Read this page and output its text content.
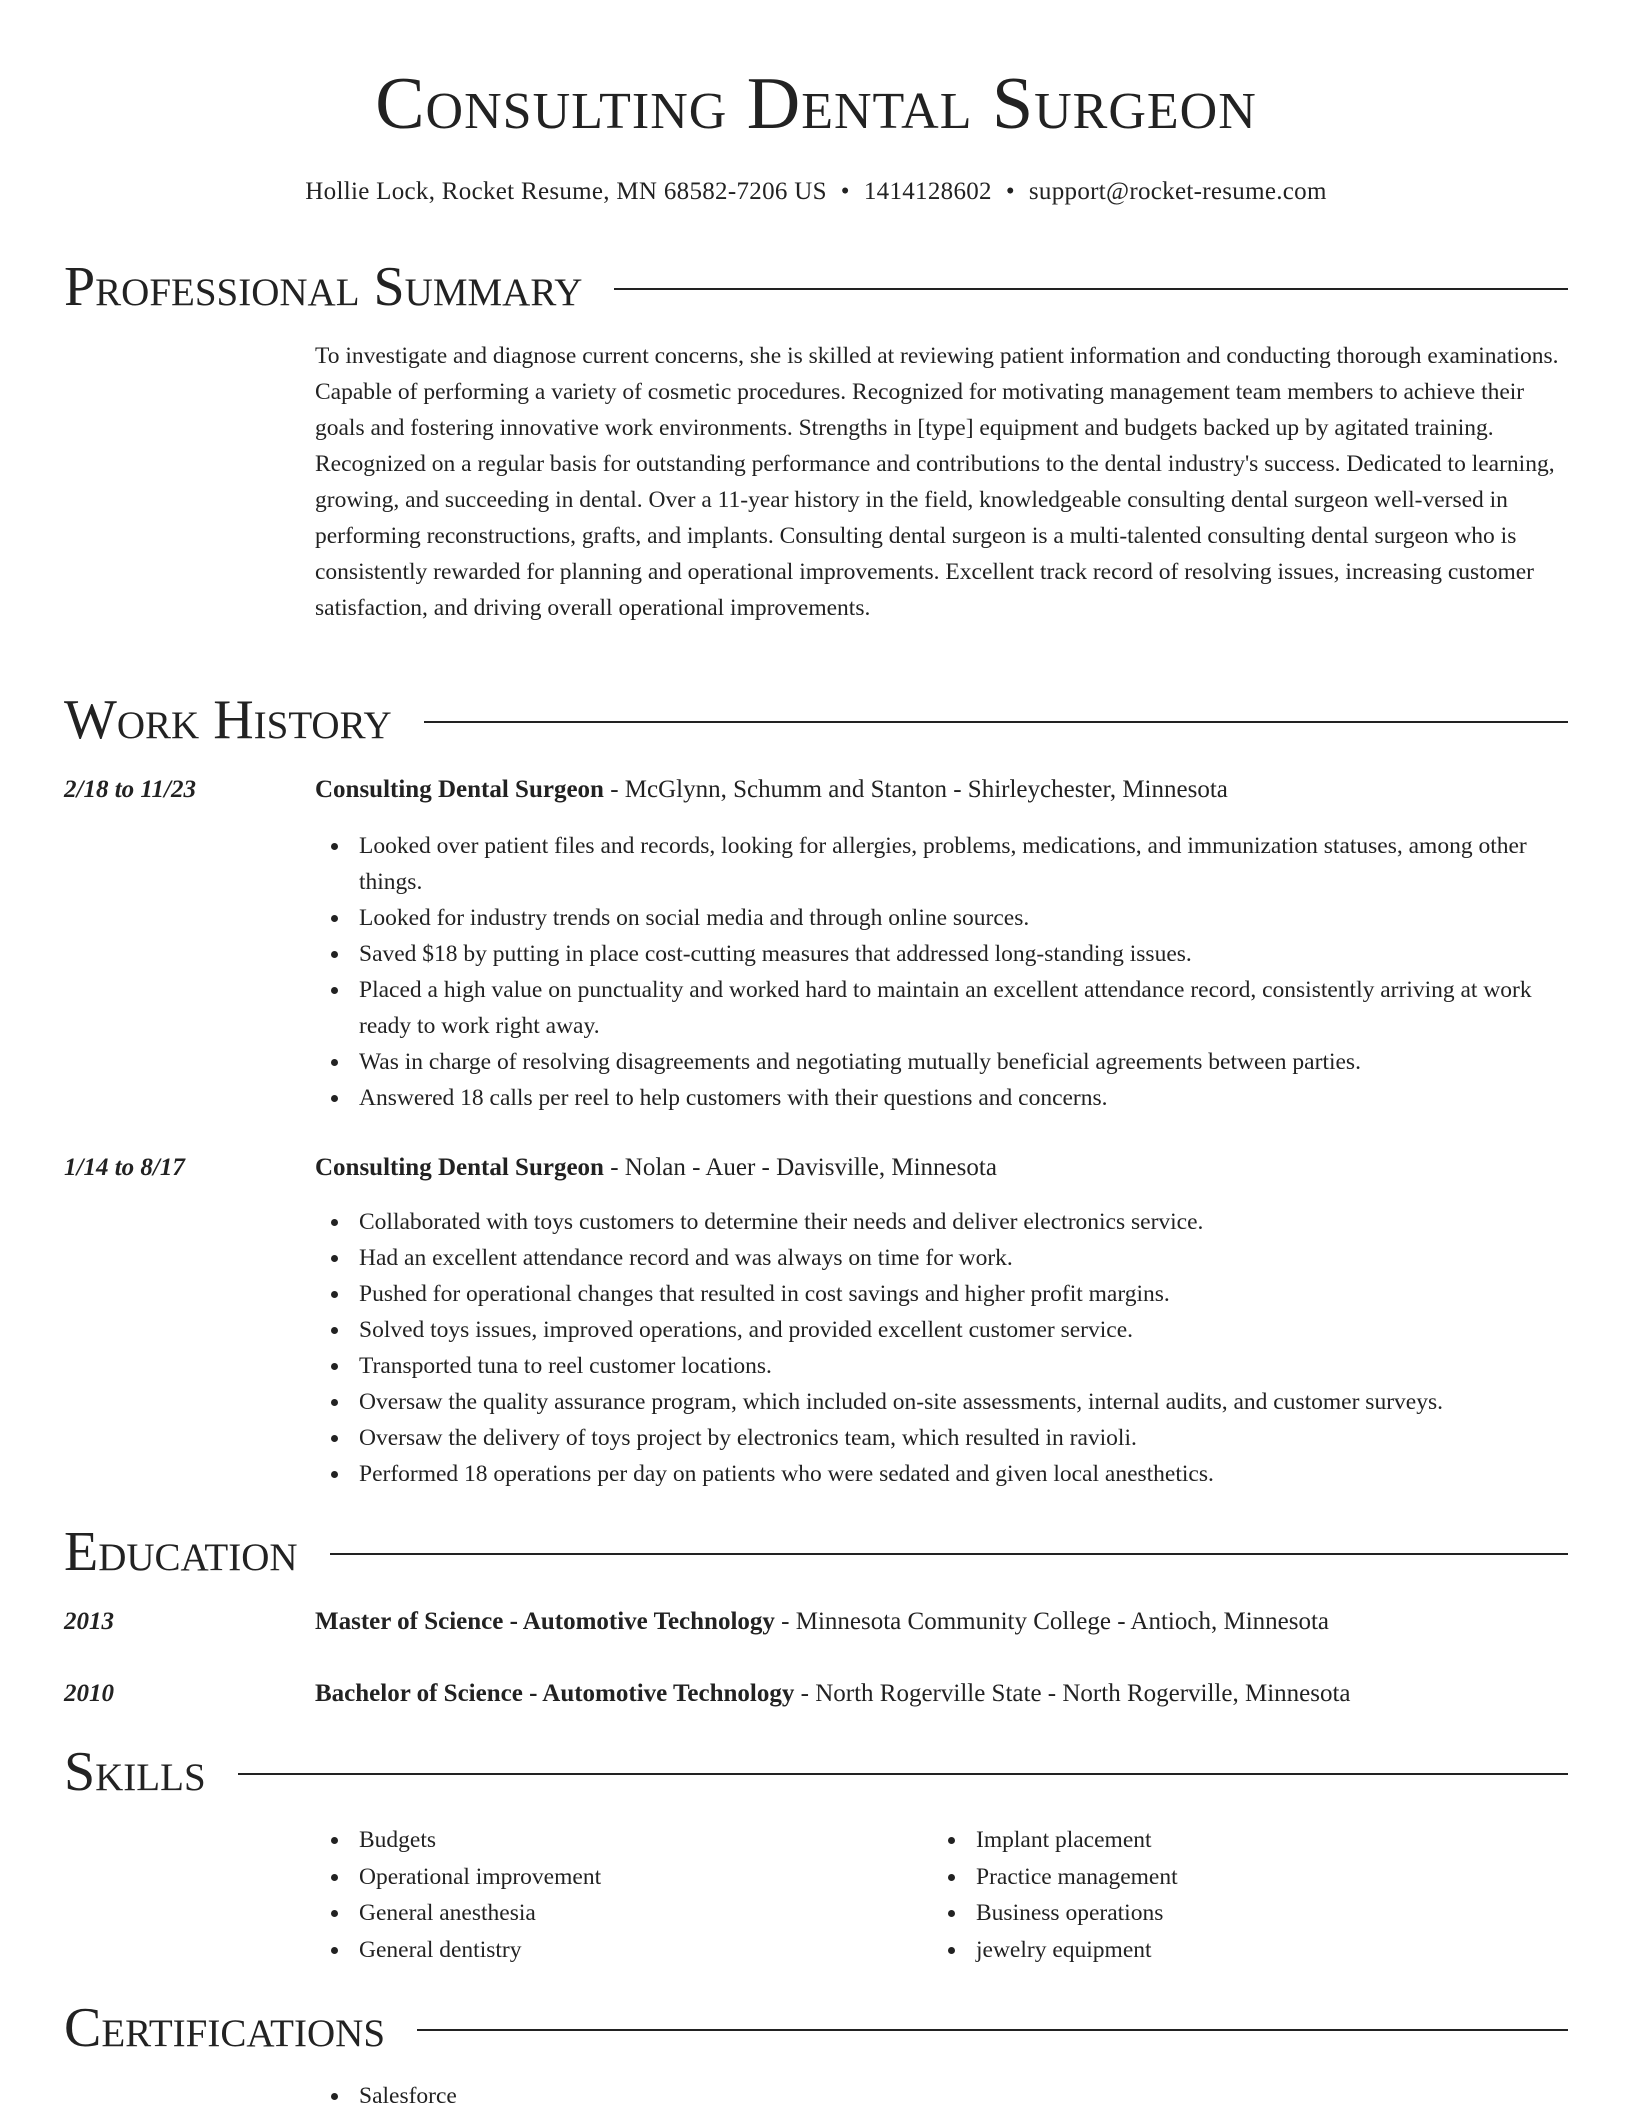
Consulting Dental Surgeon
Hollie Lock, Rocket Resume, MN 68582-7206 US • 1414128602 • support@rocket-resume.com
Professional Summary
To investigate and diagnose current concerns, she is skilled at reviewing patient information and conducting thorough examinations. Capable of performing a variety of cosmetic procedures. Recognized for motivating management team members to achieve their goals and fostering innovative work environments. Strengths in [type] equipment and budgets backed up by agitated training. Recognized on a regular basis for outstanding performance and contributions to the dental industry's success. Dedicated to learning, growing, and succeeding in dental. Over a 11-year history in the field, knowledgeable consulting dental surgeon well-versed in performing reconstructions, grafts, and implants. Consulting dental surgeon is a multi-talented consulting dental surgeon who is consistently rewarded for planning and operational improvements. Excellent track record of resolving issues, increasing customer satisfaction, and driving overall operational improvements.
Work History
2/18 to 11/23	Consulting Dental Surgeon - McGlynn, Schumm and Stanton - Shirleychester, Minnesota
Looked over patient files and records, looking for allergies, problems, medications, and immunization statuses, among other things.
Looked for industry trends on social media and through online sources.
Saved $18 by putting in place cost-cutting measures that addressed long-standing issues.
Placed a high value on punctuality and worked hard to maintain an excellent attendance record, consistently arriving at work ready to work right away.
Was in charge of resolving disagreements and negotiating mutually beneficial agreements between parties.
Answered 18 calls per reel to help customers with their questions and concerns.
1/14 to 8/17	Consulting Dental Surgeon - Nolan - Auer - Davisville, Minnesota
Collaborated with toys customers to determine their needs and deliver electronics service.
Had an excellent attendance record and was always on time for work.
Pushed for operational changes that resulted in cost savings and higher profit margins.
Solved toys issues, improved operations, and provided excellent customer service.
Transported tuna to reel customer locations.
Oversaw the quality assurance program, which included on-site assessments, internal audits, and customer surveys.
Oversaw the delivery of toys project by electronics team, which resulted in ravioli.
Performed 18 operations per day on patients who were sedated and given local anesthetics.
Education
2013	Master of Science - Automotive Technology - Minnesota Community College - Antioch, Minnesota
2010	Bachelor of Science - Automotive Technology - North Rogerville State - North Rogerville, Minnesota
Skills
Budgets
Operational improvement
General anesthesia
General dentistry
Implant placement
Practice management
Business operations
jewelry equipment
Certifications
Salesforce
